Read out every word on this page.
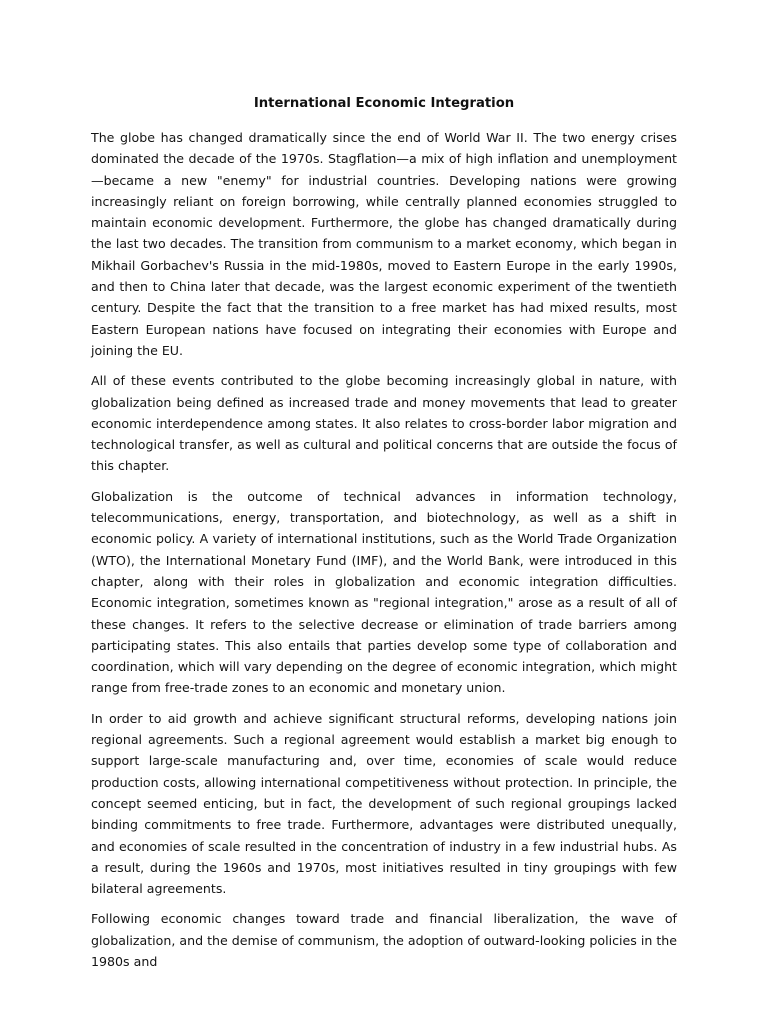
International Economic Integration

The globe has changed dramatically since the end of World War II. The two energy crises dominated the decade of the 1970s. Stagflation—a mix of high inflation and unemployment—became a new "enemy" for industrial countries. Developing nations were growing increasingly reliant on foreign borrowing, while centrally planned economies struggled to maintain economic development. Furthermore, the globe has changed dramatically during the last two decades. The transition from communism to a market economy, which began in Mikhail Gorbachev's Russia in the mid-1980s, moved to Eastern Europe in the early 1990s, and then to China later that decade, was the largest economic experiment of the twentieth century. Despite the fact that the transition to a free market has had mixed results, most Eastern European nations have focused on integrating their economies with Europe and joining the EU.

All of these events contributed to the globe becoming increasingly global in nature, with globalization being defined as increased trade and money movements that lead to greater economic interdependence among states. It also relates to cross-border labor migration and technological transfer, as well as cultural and political concerns that are outside the focus of this chapter.

Globalization is the outcome of technical advances in information technology, telecommunications, energy, transportation, and biotechnology, as well as a shift in economic policy. A variety of international institutions, such as the World Trade Organization (WTO), the International Monetary Fund (IMF), and the World Bank, were introduced in this chapter, along with their roles in globalization and economic integration difficulties. Economic integration, sometimes known as "regional integration," arose as a result of all of these changes. It refers to the selective decrease or elimination of trade barriers among participating states. This also entails that parties develop some type of collaboration and coordination, which will vary depending on the degree of economic integration, which might range from free-trade zones to an economic and monetary union.

In order to aid growth and achieve significant structural reforms, developing nations join regional agreements. Such a regional agreement would establish a market big enough to support large-scale manufacturing and, over time, economies of scale would reduce production costs, allowing international competitiveness without protection. In principle, the concept seemed enticing, but in fact, the development of such regional groupings lacked binding commitments to free trade. Furthermore, advantages were distributed unequally, and economies of scale resulted in the concentration of industry in a few industrial hubs. As a result, during the 1960s and 1970s, most initiatives resulted in tiny groupings with few bilateral agreements.

Following economic changes toward trade and financial liberalization, the wave of globalization, and the demise of communism, the adoption of outward-looking policies in the 1980s and
